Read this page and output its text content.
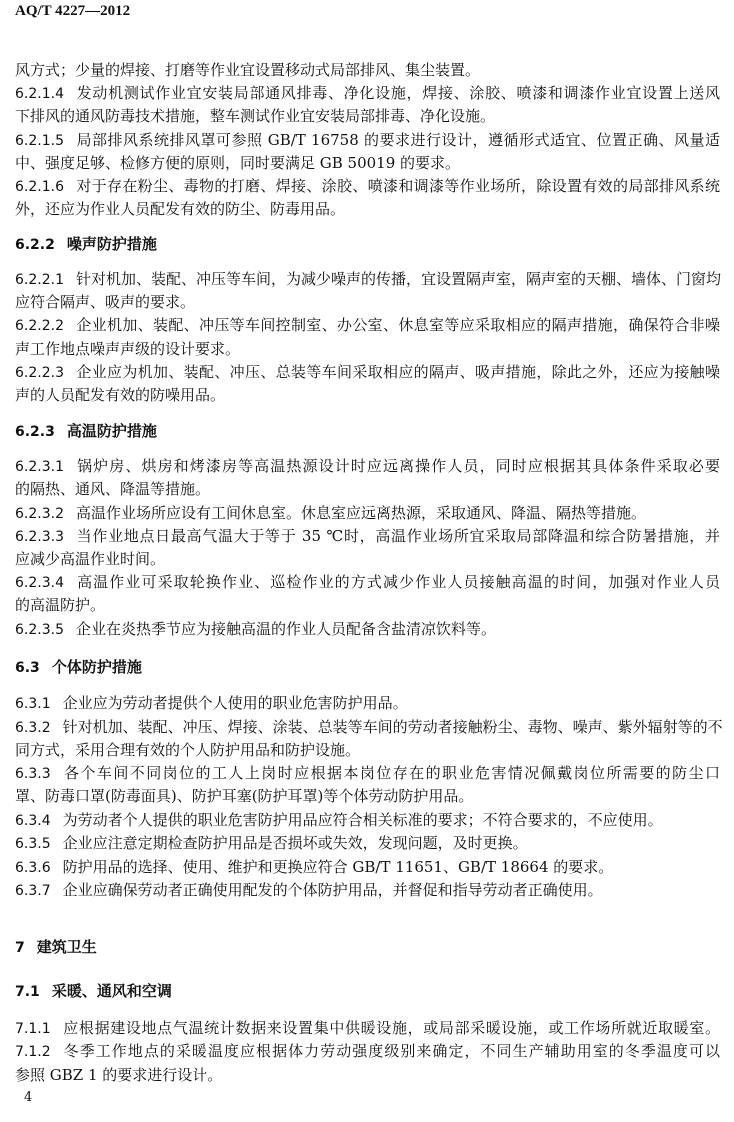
AQ/T 4227—2012
风方式；少量的焊接、打磨等作业宜设置移动式局部排风、集尘装置。
6.2.1.4 发动机测试作业宜安装局部通风排毒、净化设施，焊接、涂胶、喷漆和调漆作业宜设置上送风
下排风的通风防毒技术措施，整车测试作业宜安装局部排毒、净化设施。
6.2.1.5 局部排风系统排风罩可参照 GB/T 16758 的要求进行设计，遵循形式适宜、位置正确、风量适
中、强度足够、检修方便的原则，同时要满足 GB 50019 的要求。
6.2.1.6 对于存在粉尘、毒物的打磨、焊接、涂胶、喷漆和调漆等作业场所，除设置有效的局部排风系统
外，还应为作业人员配发有效的防尘、防毒用品。
6.2.2 噪声防护措施
6.2.2.1 针对机加、装配、冲压等车间，为减少噪声的传播，宜设置隔声室，隔声室的天棚、墙体、门窗均
应符合隔声、吸声的要求。
6.2.2.2 企业机加、装配、冲压等车间控制室、办公室、休息室等应采取相应的隔声措施，确保符合非噪
声工作地点噪声声级的设计要求。
6.2.2.3 企业应为机加、装配、冲压、总装等车间采取相应的隔声、吸声措施，除此之外，还应为接触噪
声的人员配发有效的防噪用品。
6.2.3 高温防护措施
6.2.3.1 锅炉房、烘房和烤漆房等高温热源设计时应远离操作人员，同时应根据其具体条件采取必要
的隔热、通风、降温等措施。
6.2.3.2 高温作业场所应设有工间休息室。休息室应远离热源，采取通风、降温、隔热等措施。
6.2.3.3 当作业地点日最高气温大于等于 35 ℃时，高温作业场所宜采取局部降温和综合防暑措施，并
应减少高温作业时间。
6.2.3.4 高温作业可采取轮换作业、巡检作业的方式减少作业人员接触高温的时间，加强对作业人员
的高温防护。
6.2.3.5 企业在炎热季节应为接触高温的作业人员配备含盐清凉饮料等。
6.3 个体防护措施
6.3.1 企业应为劳动者提供个人使用的职业危害防护用品。
6.3.2 针对机加、装配、冲压、焊接、涂装、总装等车间的劳动者接触粉尘、毒物、噪声、紫外辐射等的不
同方式，采用合理有效的个人防护用品和防护设施。
6.3.3 各个车间不同岗位的工人上岗时应根据本岗位存在的职业危害情况佩戴岗位所需要的防尘口
罩、防毒口罩(防毒面具)、防护耳塞(防护耳罩)等个体劳动防护用品。
6.3.4 为劳动者个人提供的职业危害防护用品应符合相关标准的要求；不符合要求的，不应使用。
6.3.5 企业应注意定期检查防护用品是否损坏或失效，发现问题，及时更换。
6.3.6 防护用品的选择、使用、维护和更换应符合 GB/T 11651、GB/T 18664 的要求。
6.3.7 企业应确保劳动者正确使用配发的个体防护用品，并督促和指导劳动者正确使用。
7 建筑卫生
7.1 采暖、通风和空调
7.1.1 应根据建设地点气温统计数据来设置集中供暖设施，或局部采暖设施，或工作场所就近取暖室。
7.1.2 冬季工作地点的采暖温度应根据体力劳动强度级别来确定，不同生产辅助用室的冬季温度可以
参照 GBZ 1 的要求进行设计。
4
